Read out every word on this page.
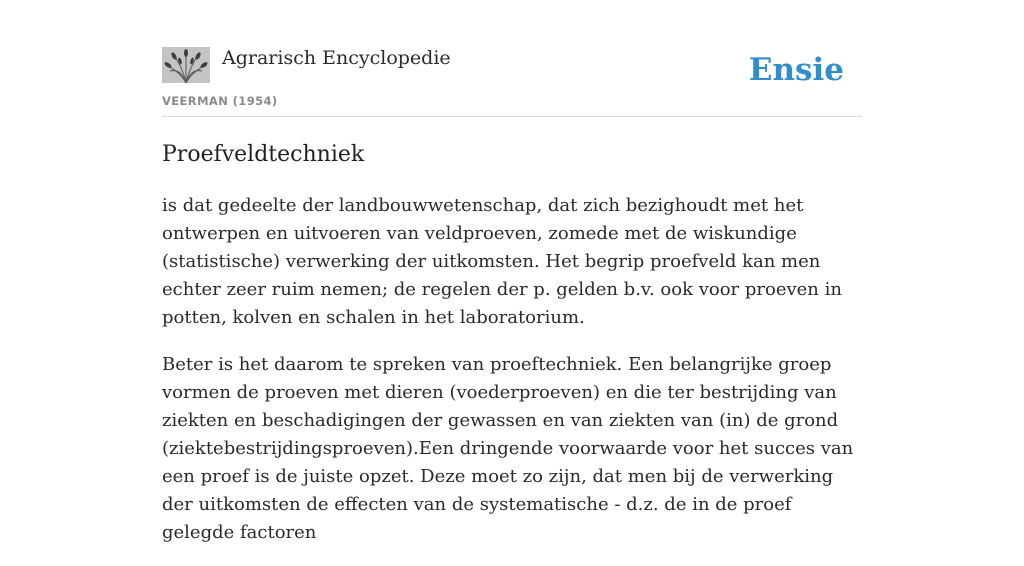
Agrarisch Encyclopedie
VEERMAN (1954)
Ensie
Proefveldtechniek

is dat gedeelte der landbouwwetenschap, dat zich bezighoudt met het ontwerpen en uitvoeren van veldproeven, zomede met de wiskundige (statistische) verwerking der uitkomsten. Het begrip proefveld kan men echter zeer ruim nemen; de regelen der p. gelden b.v. ook voor proeven in potten, kolven en schalen in het laboratorium.

Beter is het daarom te spreken van proeftechniek. Een belangrijke groep vormen de proeven met dieren (voederproeven) en die ter bestrijding van ziekten en beschadigingen der gewassen en van ziekten van (in) de grond (ziektebestrijdingsproeven).Een dringende voorwaarde voor het succes van een proef is de juiste opzet. Deze moet zo zijn, dat men bij de verwerking der uitkomsten de effecten van de systematische - d.z. de in de proef gelegde factoren
